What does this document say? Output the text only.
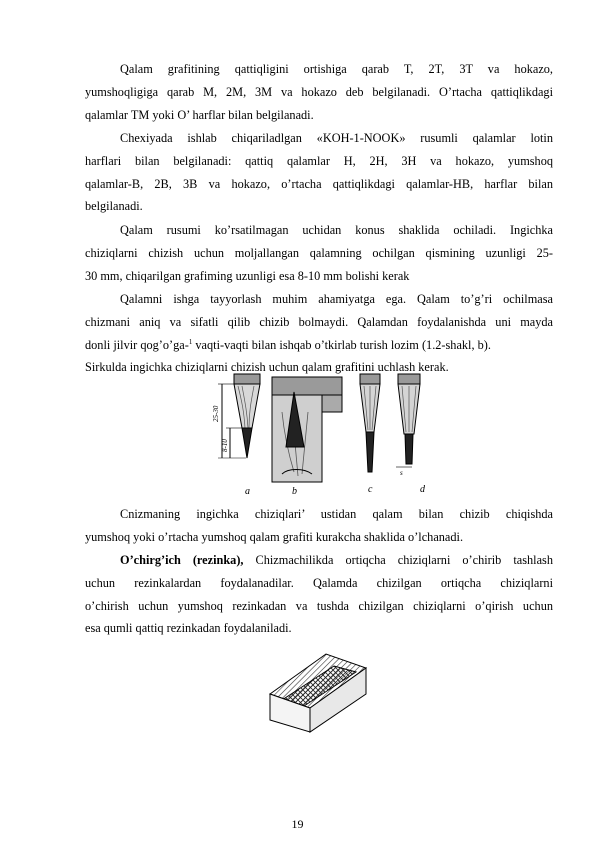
Qalam grafitining qattiqligini ortishiga qarab T, 2T, 3T va hokazo,

yumshoqligiga qarab M, 2M, 3M va hokazo deb belgilanadi. O’rtacha qattiqlikdagi

qalamlar TM yoki O’ harflar bilan belgilanadi.

Chexiyada ishlab chiqariladlgan «KOH-1-NOOK» rusumli qalamlar lotin

harflari bilan belgilanadi: qattiq qalamlar H, 2H, 3H va hokazo, yumshoq

qalamlar-B, 2B, 3B va hokazo, o’rtacha qattiqlikdagi qalamlar-HB, harflar bilan

belgilanadi.

Qalam rusumi ko’rsatilmagan uchidan konus shaklida ochiladi. Ingichka

chiziqlarni chizish uchun moljallangan qalamning ochilgan qismining uzunligi 25-

30 mm, chiqarilgan grafiming uzunligi esa 8-10 mm bolishi kerak

Qalamni ishga tayyorlash muhim ahamiyatga ega. Qalam to’g’ri ochilmasa

chizmani aniq va sifatli qilib chizib bolmaydi. Qalamdan foydalanishda uni mayda

donli jilvir qog’o’ga-$^1$ vaqti-vaqti bilan ishqab o’tkirlab turish lozim (1.2-shakl, b).

Sirkulda ingichka chiziqlarni chizish uchun qalam grafitini uchlash kerak.

25-30
8-10
a	b	c
s
d

Cnizmaning ingichka chiziqlari’ ustidan qalam bilan chizib chiqishda

yumshoq yoki o’rtacha yumshoq qalam grafiti kurakcha shaklida o’lchanadi.

O’chirg’ich (rezinka), Chizmachilikda ortiqcha chiziqlarni o’chirib tashlash

uchun rezinkalardan foydalanadilar. Qalamda chizilgan ortiqcha chiziqlarni

o’chirish uchun yumshoq rezinkadan va tushda chizilgan chiziqlarni o’qirish uchun

esa qumli qattiq rezinkadan foydalaniladi.

19
